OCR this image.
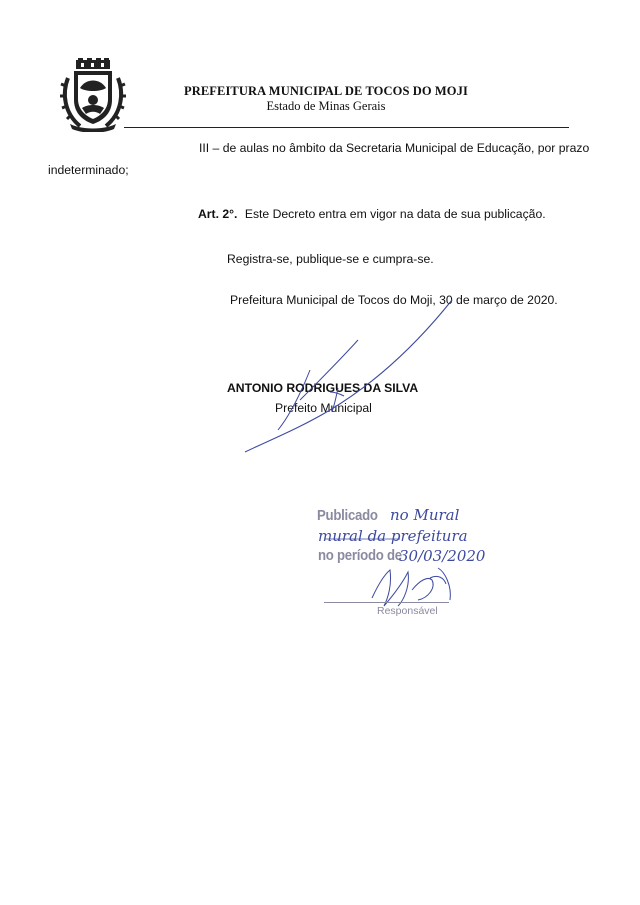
PREFEITURA MUNICIPAL DE TOCOS DO MOJI
Estado de Minas Gerais
III – de aulas no âmbito da Secretaria Municipal de Educação, por prazo
indeterminado;
Art. 2°. Este Decreto entra em vigor na data de sua publicação.
Registra-se, publique-se e cumpra-se.
Prefeitura Municipal de Tocos do Moji, 30 de março de 2020.
ANTONIO RODRIGUES DA SILVA
Prefeito Municipal
Publicado no Mural
mural da prefeitura
no período de
30/03/2020
Responsável
